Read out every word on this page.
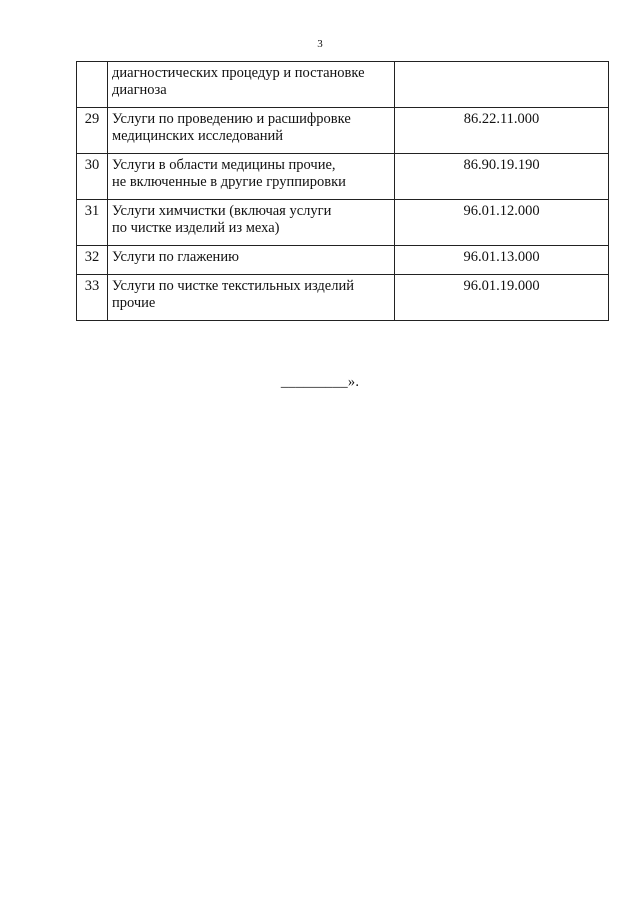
3

	диагностических процедур и постановке
диагноза	

29	Услуги по проведению и расшифровке
медицинских исследований	86.22.11.000
30	Услуги в области медицины прочие,
не включенные в другие группировки	86.90.19.190
31	Услуги химчистки (включая услуги
по чистке изделий из меха)	96.01.12.000
32	Услуги по глажению	96.01.13.000
33	Услуги по чистке текстильных изделий
прочие	96.01.19.000
_________».
